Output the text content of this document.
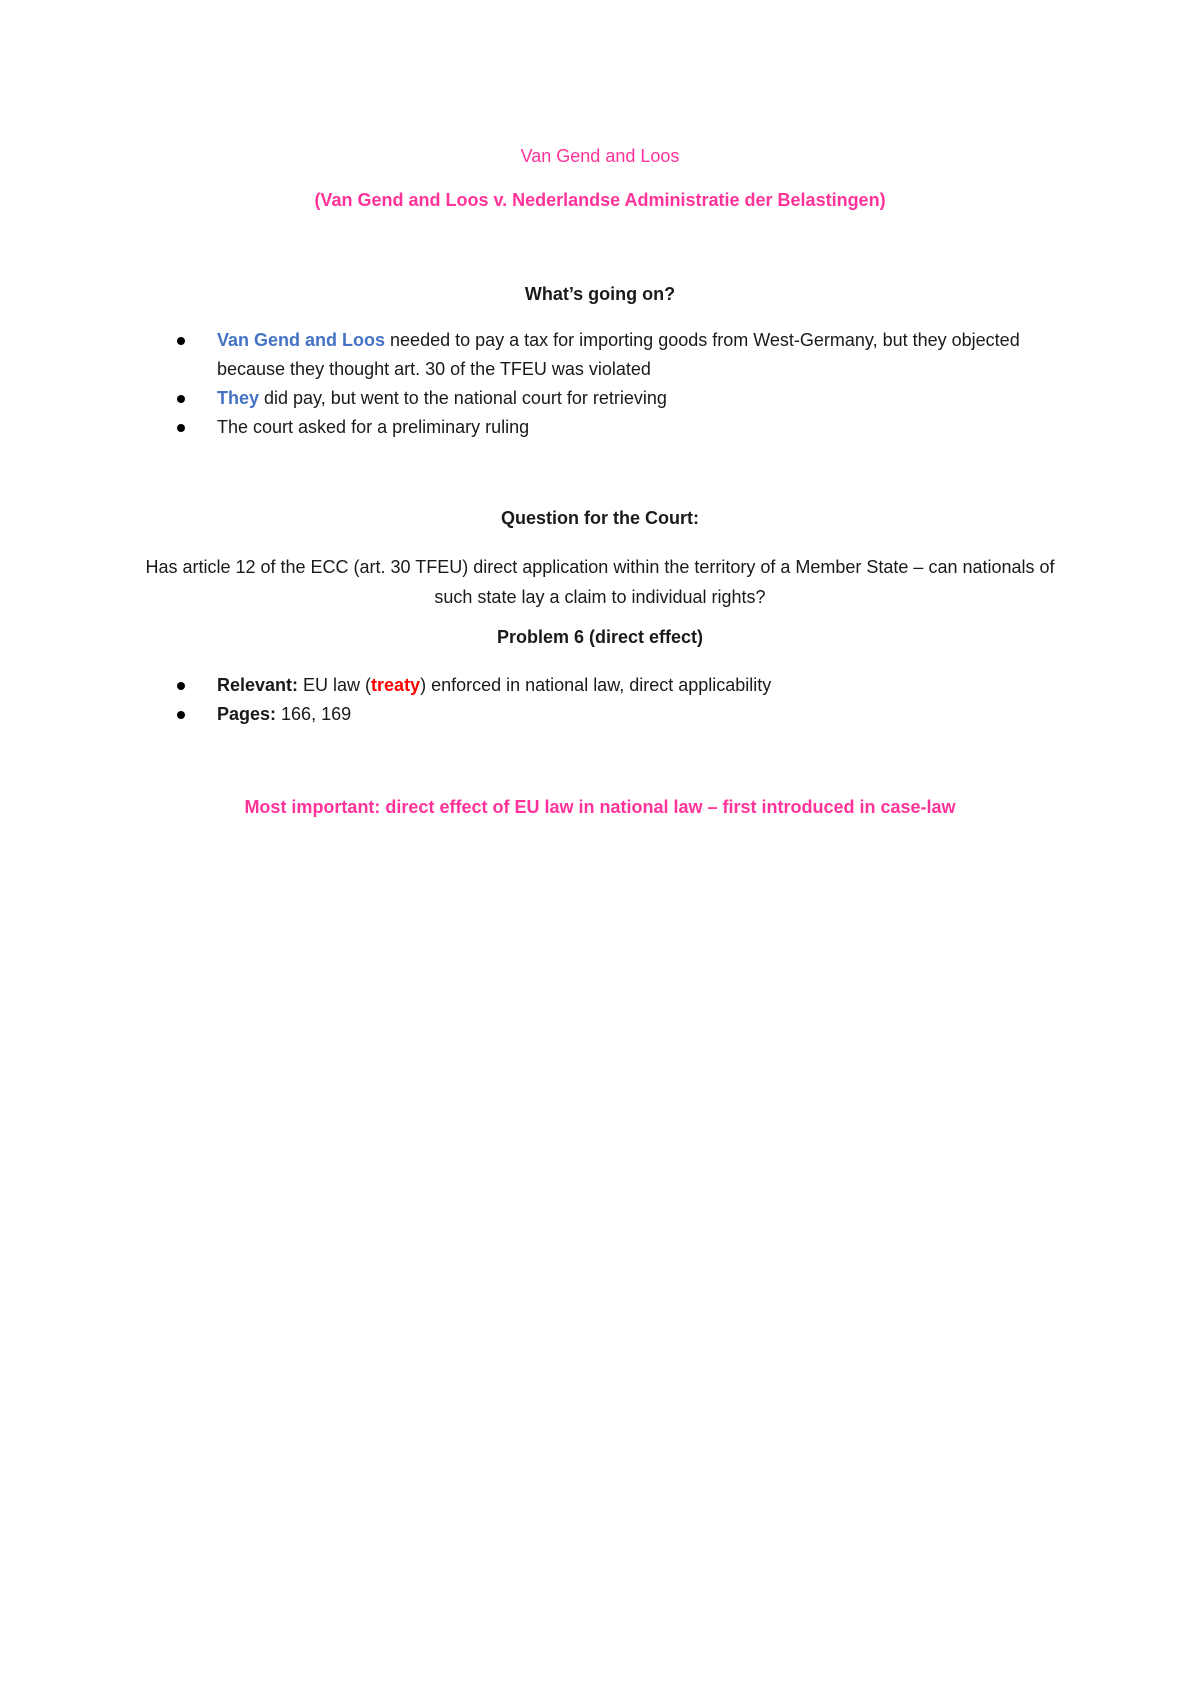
Van Gend and Loos
(Van Gend and Loos v. Nederlandse Administratie der Belastingen)
What’s going on?
Van Gend and Loos needed to pay a tax for importing goods from West-Germany, but they objected because they thought art. 30 of the TFEU was violated
They did pay, but went to the national court for retrieving
The court asked for a preliminary ruling
Question for the Court:
Has article 12 of the ECC (art. 30 TFEU) direct application within the territory of a Member State – can nationals of such state lay a claim to individual rights?
Problem 6 (direct effect)
Relevant: EU law (treaty) enforced in national law, direct applicability
Pages: 166, 169
Most important: direct effect of EU law in national law – first introduced in case-law
